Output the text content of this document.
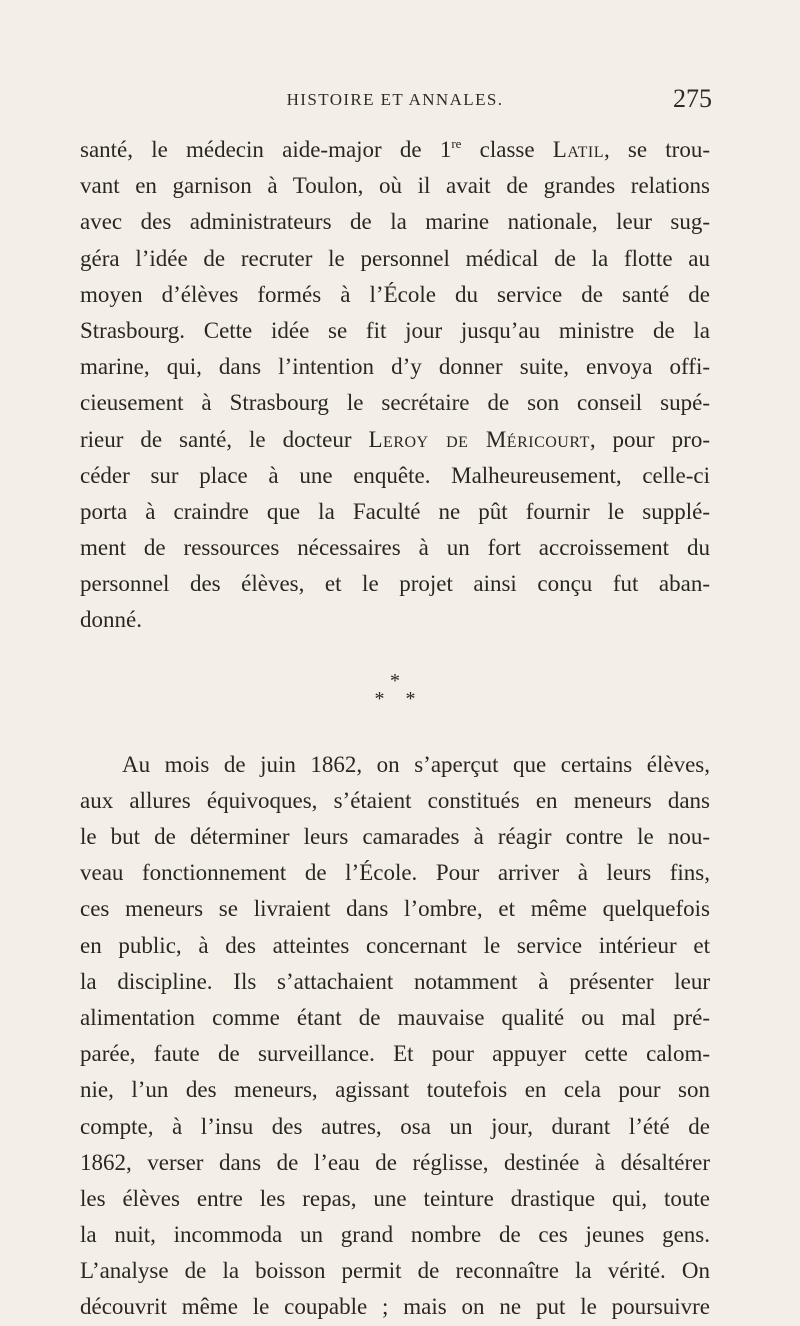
HISTOIRE ET ANNALES.	275
santé, le médecin aide-major de 1re classe Latil, se trou-
vant en garnison à Toulon, où il avait de grandes relations
avec des administrateurs de la marine nationale, leur sug-
géra l’idée de recruter le personnel médical de la flotte au
moyen d’élèves formés à l’École du service de santé de
Strasbourg. Cette idée se fit jour jusqu’au ministre de la
marine, qui, dans l’intention d’y donner suite, envoya offi-
cieusement à Strasbourg le secrétaire de son conseil supé-
rieur de santé, le docteur Leroy de Méricourt, pour pro-
céder sur place à une enquête. Malheureusement, celle-ci
porta à craindre que la Faculté ne pût fournir le supplé-
ment de ressources nécessaires à un fort accroissement du
personnel des élèves, et le projet ainsi conçu fut aban-
donné.
*
* *
Au mois de juin 1862, on s’aperçut que certains élèves,
aux allures équivoques, s’étaient constitués en meneurs dans
le but de déterminer leurs camarades à réagir contre le nou-
veau fonctionnement de l’École. Pour arriver à leurs fins,
ces meneurs se livraient dans l’ombre, et même quelquefois
en public, à des atteintes concernant le service intérieur et
la discipline. Ils s’attachaient notamment à présenter leur
alimentation comme étant de mauvaise qualité ou mal pré-
parée, faute de surveillance. Et pour appuyer cette calom-
nie, l’un des meneurs, agissant toutefois en cela pour son
compte, à l’insu des autres, osa un jour, durant l’été de
1862, verser dans de l’eau de réglisse, destinée à désaltérer
les élèves entre les repas, une teinture drastique qui, toute
la nuit, incommoda un grand nombre de ces jeunes gens.
L’analyse de la boisson permit de reconnaître la vérité. On
découvrit même le coupable ; mais on ne put le poursuivre
